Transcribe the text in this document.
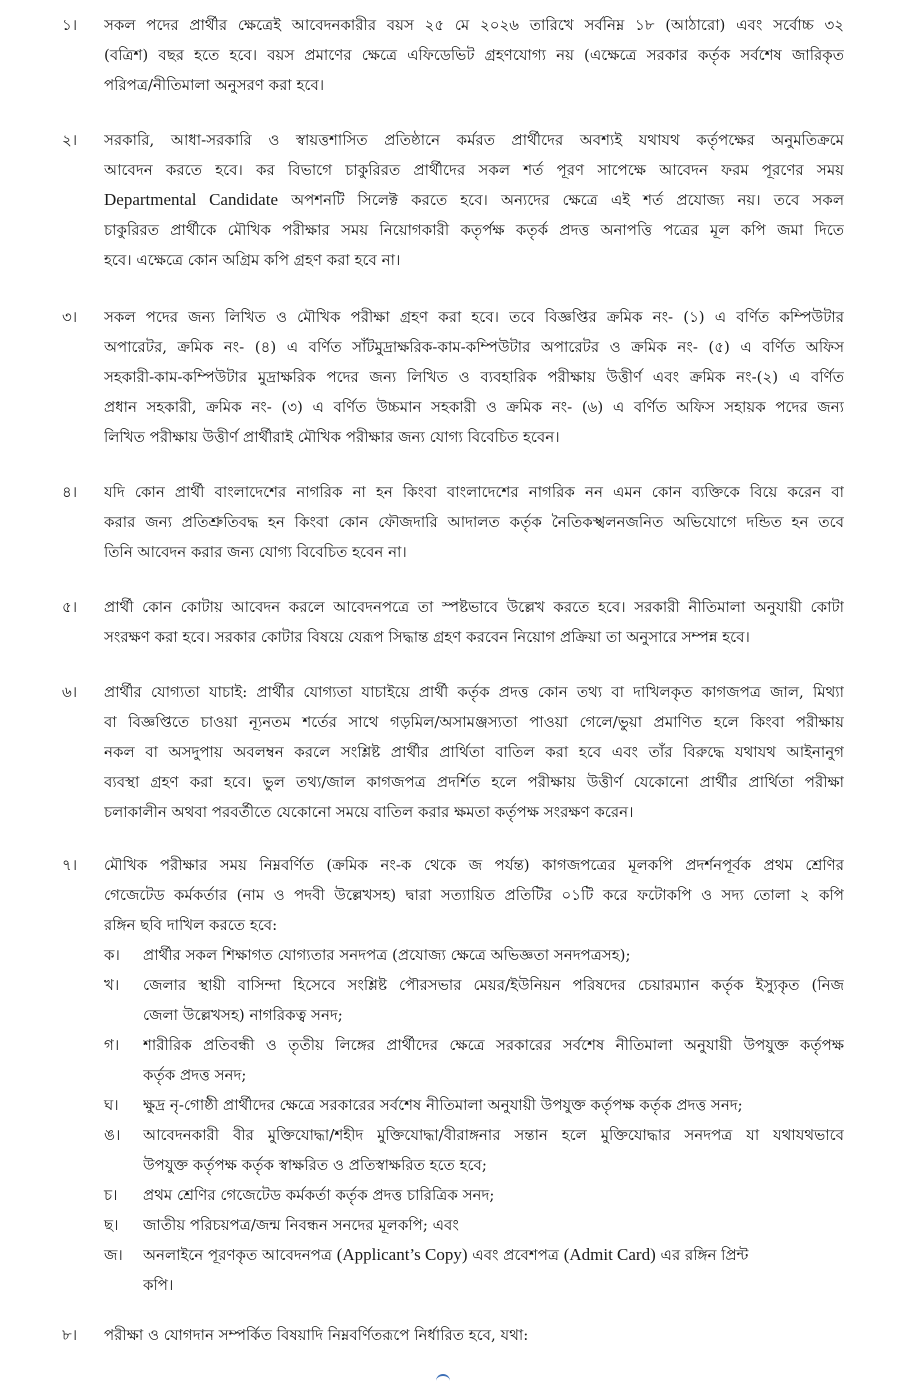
১।	সকল পদের প্রার্থীর ক্ষেত্রেই আবেদনকারীর বয়স ২৫ মে ২০২৬ তারিখে সর্বনিম্ন ১৮ (আঠারো) এবং সর্বোচ্চ ৩২
(বত্রিশ) বছর হতে হবে। বয়স প্রমাণের ক্ষেত্রে এফিডেভিট গ্রহণযোগ্য নয় (এক্ষেত্রে সরকার কর্তৃক সর্বশেষ জারিকৃত
পরিপত্র/নীতিমালা অনুসরণ করা হবে।
২।	সরকারি, আধা-সরকারি ও স্বায়ত্তশাসিত প্রতিষ্ঠানে কর্মরত প্রার্থীদের অবশ্যই যথাযথ কর্তৃপক্ষের অনুমতিক্রমে
আবেদন করতে হবে। কর বিভাগে চাকুরিরত প্রার্থীদের সকল শর্ত পূরণ সাপেক্ষে আবেদন ফরম পূরণের সময়
Departmental Candidate অপশনটি সিলেক্ট করতে হবে। অন্যদের ক্ষেত্রে এই শর্ত প্রযোজ্য নয়। তবে সকল
চাকুরিরত প্রার্থীকে মৌখিক পরীক্ষার সময় নিয়োগকারী কতৃর্পক্ষ কতৃর্ক প্রদত্ত অনাপত্তি পত্রের মূল কপি জমা দিতে
হবে। এক্ষেত্রে কোন অগ্রিম কপি গ্রহণ করা হবে না।
৩।	সকল পদের জন্য লিখিত ও মৌখিক পরীক্ষা গ্রহণ করা হবে। তবে বিজ্ঞপ্তির ক্রমিক নং- (১) এ বর্ণিত কম্পিউটার
অপারেটর, ক্রমিক নং- (৪) এ বর্ণিত সাঁটমুদ্রাক্ষরিক-কাম-কম্পিউটার অপারেটর ও ক্রমিক নং- (৫) এ বর্ণিত অফিস
সহকারী-কাম-কম্পিউটার মুদ্রাক্ষরিক পদের জন্য লিখিত ও ব্যবহারিক পরীক্ষায় উত্তীর্ণ এবং ক্রমিক নং-(২) এ বর্ণিত
প্রধান সহকারী, ক্রমিক নং- (৩) এ বর্ণিত উচ্চমান সহকারী ও ক্রমিক নং- (৬) এ বর্ণিত অফিস সহায়ক পদের জন্য
লিখিত পরীক্ষায় উত্তীর্ণ প্রার্থীরাই মৌখিক পরীক্ষার জন্য যোগ্য বিবেচিত হবেন।
৪।	যদি কোন প্রার্থী বাংলাদেশের নাগরিক না হন কিংবা বাংলাদেশের নাগরিক নন এমন কোন ব্যক্তিকে বিয়ে করেন বা
করার জন্য প্রতিশ্রুতিবদ্ধ হন কিংবা কোন ফৌজদারি আদালত কর্তৃক নৈতিকস্খলনজনিত অভিযোগে দন্ডিত হন তবে
তিনি আবেদন করার জন্য যোগ্য বিবেচিত হবেন না।
৫।	প্রার্থী কোন কোটায় আবেদন করলে আবেদনপত্রে তা স্পষ্টভাবে উল্লেখ করতে হবে। সরকারী নীতিমালা অনুযায়ী কোটা
সংরক্ষণ করা হবে। সরকার কোটার বিষয়ে যেরূপ সিদ্ধান্ত গ্রহণ করবেন নিয়োগ প্রক্রিয়া তা অনুসারে সম্পন্ন হবে।
৬।	প্রার্থীর যোগ্যতা যাচাই: প্রার্থীর যোগ্যতা যাচাইয়ে প্রার্থী কর্তৃক প্রদত্ত কোন তথ্য বা দাখিলকৃত কাগজপত্র জাল, মিথ্যা
বা বিজ্ঞপ্তিতে চাওয়া ন্যূনতম শর্তের সাথে গড়মিল/অসামঞ্জস্যতা পাওয়া গেলে/ভুয়া প্রমাণিত হলে কিংবা পরীক্ষায়
নকল বা অসদুপায় অবলম্বন করলে সংশ্লিষ্ট প্রার্থীর প্রার্থিতা বাতিল করা হবে এবং তাঁর বিরুদ্ধে যথাযথ আইনানুগ
ব্যবস্থা গ্রহণ করা হবে। ভুল তথ্য/জাল কাগজপত্র প্রদর্শিত হলে পরীক্ষায় উত্তীর্ণ যেকোনো প্রার্থীর প্রার্থিতা পরীক্ষা
চলাকালীন অথবা পরবর্তীতে যেকোনো সময়ে বাতিল করার ক্ষমতা কর্তৃপক্ষ সংরক্ষণ করেন।
৭।	মৌখিক পরীক্ষার সময় নিম্নবর্ণিত (ক্রমিক নং-ক থেকে জ পর্যন্ত) কাগজপত্রের মূলকপি প্রদর্শনপূর্বক প্রথম শ্রেণির
গেজেটেড কর্মকর্তার (নাম ও পদবী উল্লেখসহ) দ্বারা সত্যায়িত প্রতিটির ০১টি করে ফটোকপি ও সদ্য তোলা ২ কপি
রঙ্গিন ছবি দাখিল করতে হবে:
ক।	প্রার্থীর সকল শিক্ষাগত যোগ্যতার সনদপত্র (প্রযোজ্য ক্ষেত্রে অভিজ্ঞতা সনদপত্রসহ);
খ।	জেলার স্থায়ী বাসিন্দা হিসেবে সংশ্লিষ্ট পৌরসভার মেয়র/ইউনিয়ন পরিষদের চেয়ারম্যান কর্তৃক ইস্যুকৃত (নিজ
জেলা উল্লেখসহ) নাগরিকত্ব সনদ;
গ।	শারীরিক প্রতিবন্ধী ও তৃতীয় লিঙ্গের প্রার্থীদের ক্ষেত্রে সরকারের সর্বশেষ নীতিমালা অনুযায়ী উপযুক্ত কর্তৃপক্ষ
কর্তৃক প্রদত্ত সনদ;
ঘ।	ক্ষুদ্র নৃ-গোষ্ঠী প্রার্থীদের ক্ষেত্রে সরকারের সর্বশেষ নীতিমালা অনুযায়ী উপযুক্ত কর্তৃপক্ষ কর্তৃক প্রদত্ত সনদ;
ঙ।	আবেদনকারী বীর মুক্তিযোদ্ধা/শহীদ মুক্তিযোদ্ধা/বীরাঙ্গনার সন্তান হলে মুক্তিযোদ্ধার সনদপত্র যা যথাযথভাবে
উপযুক্ত কর্তৃপক্ষ কর্তৃক স্বাক্ষরিত ও প্রতিস্বাক্ষরিত হতে হবে;
চ।	প্রথম শ্রেণির গেজেটেড কর্মকর্তা কর্তৃক প্রদত্ত চারিত্রিক সনদ;
ছ।	জাতীয় পরিচয়পত্র/জন্ম নিবন্ধন সনদের মূলকপি; এবং
জ।	অনলাইনে পূরণকৃত আবেদনপত্র (Applicant’s Copy) এবং প্রবেশপত্র (Admit Card) এর রঙ্গিন প্রিন্ট
কপি।
৮।	পরীক্ষা ও যোগদান সম্পর্কিত বিষয়াদি নিম্নবর্ণিতরূপে নির্ধারিত হবে, যথা:
